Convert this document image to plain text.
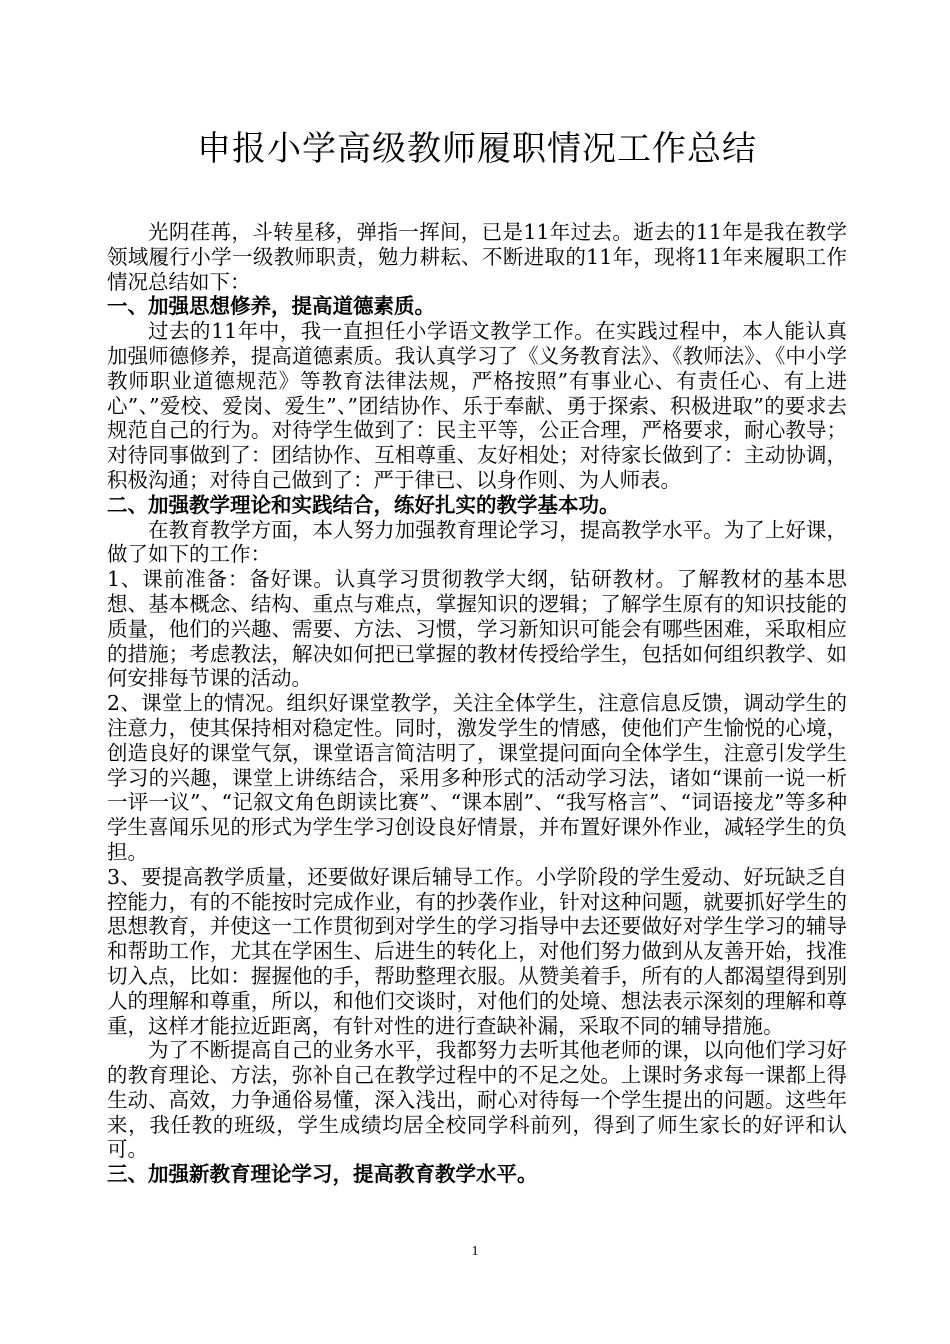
申报小学高级教师履职情况工作总结

光阴荏苒，斗转星移，弹指一挥间，已是11年过去。逝去的11年是我在教学领域履行小学一级教师职责，勉力耕耘、不断进取的11年，现将11年来履职工作情况总结如下：

一、加强思想修养，提高道德素质。

过去的11年中，我一直担任小学语文教学工作。在实践过程中，本人能认真加强师德修养，提高道德素质。我认真学习了《义务教育法》、《教师法》、《中小学教师职业道德规范》等教育法律法规，严格按照”有事业心、有责任心、有上进心”、”爱校、爱岗、爱生”、”团结协作、乐于奉献、勇于探索、积极进取”的要求去规范自己的行为。对待学生做到了：民主平等，公正合理，严格要求，耐心教导；对待同事做到了：团结协作、互相尊重、友好相处；对待家长做到了：主动协调，积极沟通；对待自己做到了：严于律已、以身作则、为人师表。

二、加强教学理论和实践结合，练好扎实的教学基本功。

在教育教学方面，本人努力加强教育理论学习，提高教学水平。为了上好课，做了如下的工作：

1、课前准备：备好课。认真学习贯彻教学大纲，钻研教材。了解教材的基本思想、基本概念、结构、重点与难点，掌握知识的逻辑；了解学生原有的知识技能的质量，他们的兴趣、需要、方法、习惯，学习新知识可能会有哪些困难，采取相应的措施；考虑教法，解决如何把已掌握的教材传授给学生，包括如何组织教学、如何安排每节课的活动。

2、课堂上的情况。组织好课堂教学，关注全体学生，注意信息反馈，调动学生的注意力，使其保持相对稳定性。同时，激发学生的情感，使他们产生愉悦的心境，创造良好的课堂气氛，课堂语言简洁明了，课堂提问面向全体学生，注意引发学生学习的兴趣，课堂上讲练结合，采用多种形式的活动学习法，诸如“课前一说一析一评一议”、“记叙文角色朗读比赛”、“课本剧”、“我写格言”、“词语接龙”等多种学生喜闻乐见的形式为学生学习创设良好情景，并布置好课外作业，减轻学生的负担。

3、要提高教学质量，还要做好课后辅导工作。小学阶段的学生爱动、好玩缺乏自控能力，有的不能按时完成作业，有的抄袭作业，针对这种问题，就要抓好学生的思想教育，并使这一工作贯彻到对学生的学习指导中去还要做好对学生学习的辅导和帮助工作，尤其在学困生、后进生的转化上，对他们努力做到从友善开始，找准切入点，比如：握握他的手，帮助整理衣服。从赞美着手，所有的人都渴望得到别人的理解和尊重，所以，和他们交谈时，对他们的处境、想法表示深刻的理解和尊重，这样才能拉近距离，有针对性的进行查缺补漏，采取不同的辅导措施。

为了不断提高自己的业务水平，我都努力去听其他老师的课，以向他们学习好的教育理论、方法，弥补自己在教学过程中的不足之处。上课时务求每一课都上得生动、高效，力争通俗易懂，深入浅出，耐心对待每一个学生提出的问题。这些年来，我任教的班级，学生成绩均居全校同学科前列，得到了师生家长的好评和认可。

三、加强新教育理论学习，提高教育教学水平。

1
